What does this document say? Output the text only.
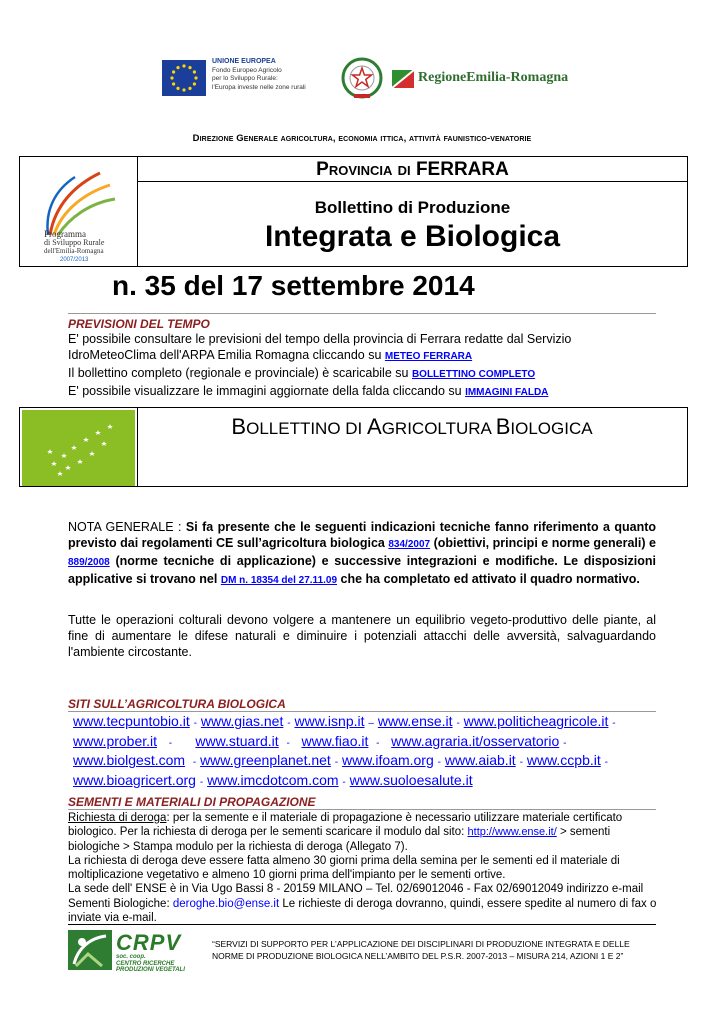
UNIONE EUROPEA
Fondo Europeo Agricolo
per lo Sviluppo Rurale:
l'Europa investe nelle zone rurali
RegioneEmilia-Romagna
Direzione Generale agricoltura, economia ittica, attività faunistico-venatorie
Programma
di Sviluppo Rurale
dell'Emilia-Romagna
2007/2013
Provincia di FERRARA
Bollettino di Produzione
Integrata e Biologica
n. 35 del 17 settembre 2014
PREVISIONI DEL TEMPO
E' possibile consultare le previsioni del tempo della provincia di Ferrara redatte dal Servizio
IdroMeteoClima dell'ARPA Emilia Romagna cliccando su METEO FERRARA
Il bollettino completo (regionale e provinciale) è scaricabile su BOLLETTINO COMPLETO
E' possibile visualizzare le immagini aggiornate della falda cliccando su IMMAGINI FALDA
BOLLETTINO DI AGRICOLTURA BIOLOGICA
NOTA GENERALE : Si fa presente che le seguenti indicazioni tecniche fanno riferimento a quanto previsto dai regolamenti CE sull’agricoltura biologica 834/2007 (obiettivi, principi e norme generali) e 889/2008 (norme tecniche di applicazione) e successive integrazioni e modifiche. Le disposizioni applicative si trovano nel DM n. 18354 del 27.11.09 che ha completato ed attivato il quadro normativo.
Tutte le operazioni colturali devono volgere a mantenere un equilibrio vegeto-produttivo delle piante, al fine di aumentare le difese naturali e diminuire i potenziali attacchi delle avversità, salvaguardando l'ambiente circostante.
SITI SULL’AGRICOLTURA BIOLOGICA
www.tecpuntobio.it - www.gias.net - www.isnp.it – www.ense.it - www.politicheagricole.it -
www.prober.it - www.stuard.it - www.fiao.it - www.agraria.it/osservatorio -
www.biolgest.com - www.greenplanet.net - www.ifoam.org - www.aiab.it - www.ccpb.it -
www.bioagricert.org - www.imcdotcom.com - www.suoloesalute.it
SEMENTI E MATERIALI DI PROPAGAZIONE
Richiesta di deroga: per la semente e il materiale di propagazione è necessario utilizzare materiale certificato biologico. Per la richiesta di deroga per le sementi scaricare il modulo dal sito: http://www.ense.it/ > sementi biologiche > Stampa modulo per la richiesta di deroga (Allegato 7).
La richiesta di deroga deve essere fatta almeno 30 giorni prima della semina per le sementi ed il materiale di moltiplicazione vegetativo e almeno 10 giorni prima dell'impianto per le sementi ortive.
La sede dell' ENSE è in Via Ugo Bassi 8 - 20159 MILANO – Tel. 02/69012046 - Fax 02/69012049 indirizzo e-mail Sementi Biologiche: deroghe.bio@ense.it Le richieste di deroga dovranno, quindi, essere spedite al numero di fax o inviate via e-mail.
CRPV
soc. coop.
CENTRO RICERCHE
PRODUZIONI VEGETALI
“SERVIZI DI SUPPORTO PER L’APPLICAZIONE DEI DISCIPLINARI DI PRODUZIONE INTEGRATA E DELLE NORME DI PRODUZIONE BIOLOGICA NELL’AMBITO DEL P.S.R. 2007-2013 – MISURA 214, AZIONI 1 E 2”
